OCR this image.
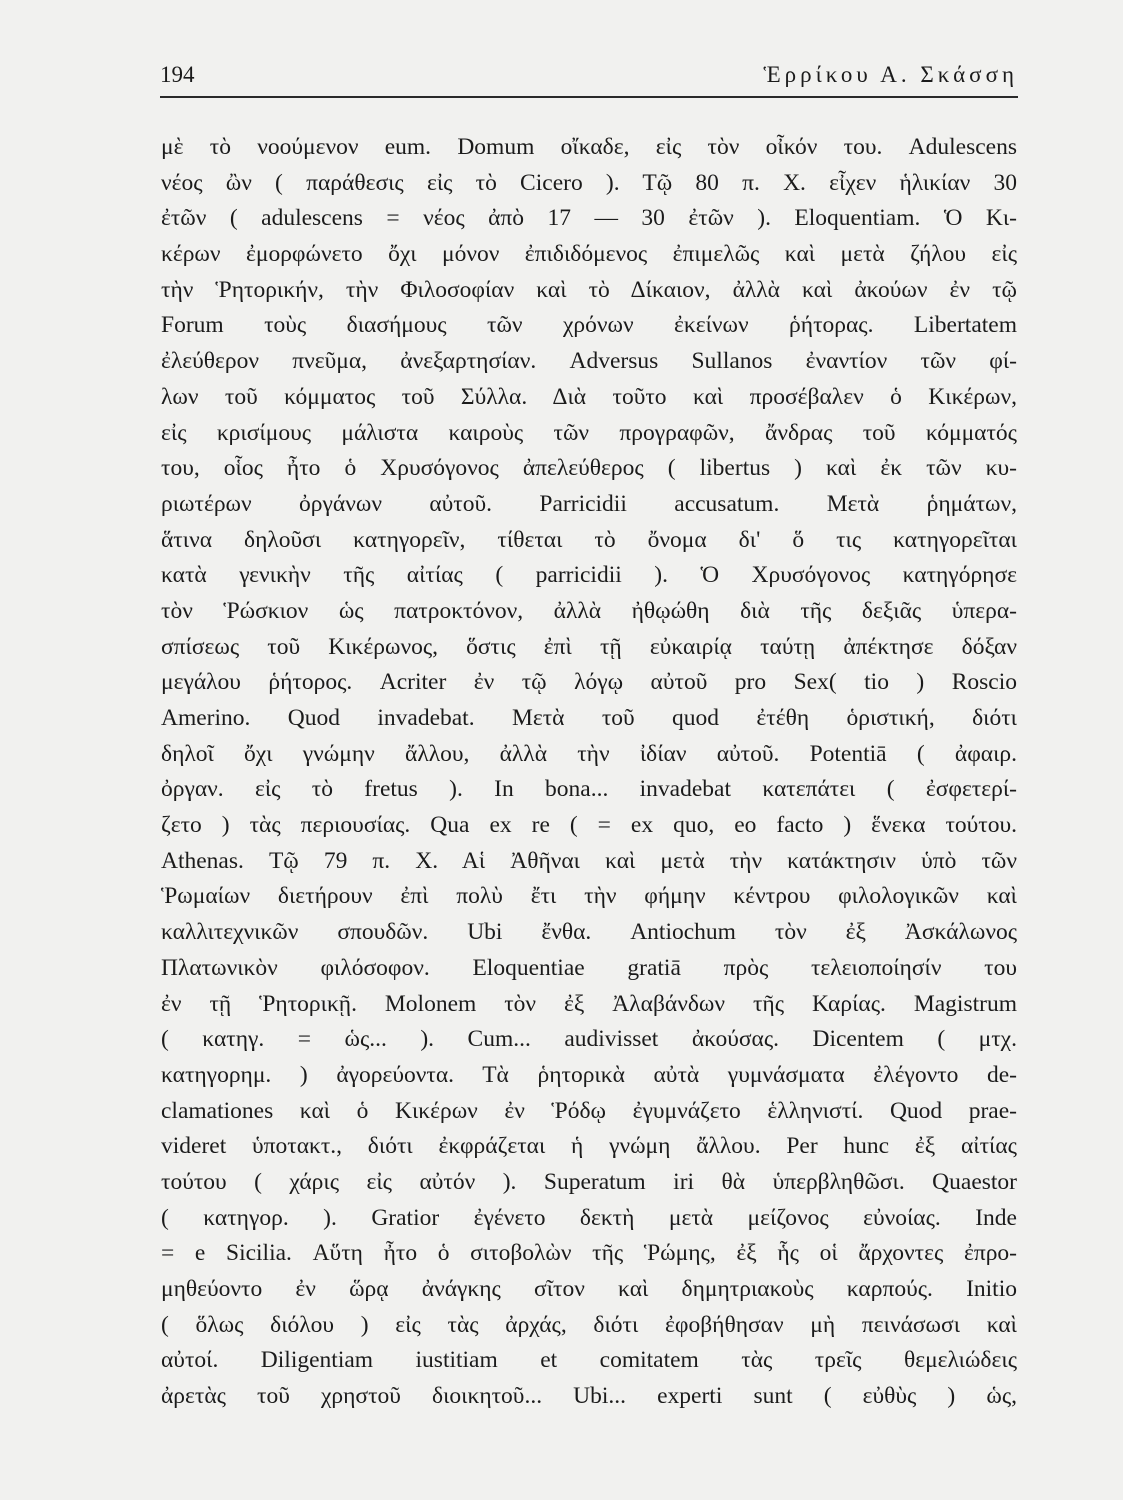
194	Ἑρρίκου Α. Σκάσση
μὲ τὸ νοούμενον eum. Domum οἴκαδε, εἰς τὸν οἶκόν του. Adulescens
νέος ὢν ( παράθεσις εἰς τὸ Cicero ). Τῷ 80 π. Χ. εἶχεν ἡλικίαν 30
ἐτῶν ( adulescens = νέος ἀπὸ 17 — 30 ἐτῶν ). Eloquentiam. Ὁ Κι-
κέρων ἐμορφώνετο ὄχι μόνον ἐπιδιδόμενος ἐπιμελῶς καὶ μετὰ ζήλου εἰς
τὴν Ῥητορικήν, τὴν Φιλοσοφίαν καὶ τὸ Δίκαιον, ἀλλὰ καὶ ἀκούων ἐν τῷ
Forum τοὺς διασήμους τῶν χρόνων ἐκείνων ῥήτορας. Libertatem
ἐλεύθερον πνεῦμα, ἀνεξαρτησίαν. Adversus Sullanos ἐναντίον τῶν φί-
λων τοῦ κόμματος τοῦ Σύλλα. Διὰ τοῦτο καὶ προσέβαλεν ὁ Κικέρων,
εἰς κρισίμους μάλιστα καιροὺς τῶν προγραφῶν, ἄνδρας τοῦ κόμματός
του, οἷος ἦτο ὁ Χρυσόγονος ἀπελεύθερος ( libertus ) καὶ ἐκ τῶν κυ-
ριωτέρων ὀργάνων αὐτοῦ. Parricidii accusatum. Μετὰ ῥημάτων,
ἅτινα δηλοῦσι κατηγορεῖν, τίθεται τὸ ὄνομα δι' ὅ τις κατηγορεῖται
κατὰ γενικὴν τῆς αἰτίας ( parricidii ). Ὁ Χρυσόγονος κατηγόρησε
τὸν Ῥώσκιον ὡς πατροκτόνον, ἀλλὰ ἠθῳώθη διὰ τῆς δεξιᾶς ὑπερα-
σπίσεως τοῦ Κικέρωνος, ὅστις ἐπὶ τῇ εὐκαιρίᾳ ταύτῃ ἀπέκτησε δόξαν
μεγάλου ῥήτορος. Acriter ἐν τῷ λόγῳ αὐτοῦ pro Sex( tio ) Roscio
Amerino. Quod invadebat. Μετὰ τοῦ quod ἐτέθη ὁριστική, διότι
δηλοῖ ὄχι γνώμην ἄλλου, ἀλλὰ τὴν ἰδίαν αὐτοῦ. Potentiā ( ἀφαιρ.
ὀργαν. εἰς τὸ fretus ). In bona... invadebat κατεπάτει ( ἐσφετερί-
ζετο ) τὰς περιουσίας. Qua ex re ( = ex quo, eo facto ) ἕνεκα τούτου.
Athenas. Τῷ 79 π. Χ. Αἱ Ἀθῆναι καὶ μετὰ τὴν κατάκτησιν ὑπὸ τῶν
Ῥωμαίων διετήρουν ἐπὶ πολὺ ἔτι τὴν φήμην κέντρου φιλολογικῶν καὶ
καλλιτεχνικῶν σπουδῶν. Ubi ἔνθα. Antiochum τὸν ἐξ Ἀσκάλωνος
Πλατωνικὸν φιλόσοφον. Eloquentiae gratiā πρὸς τελειοποίησίν του
ἐν τῇ Ῥητορικῇ. Molonem τὸν ἐξ Ἀλαβάνδων τῆς Καρίας. Magistrum
( κατηγ. = ὡς... ). Cum... audivisset ἀκούσας. Dicentem ( μτχ.
κατηγορημ. ) ἀγορεύοντα. Τὰ ῥητορικὰ αὐτὰ γυμνάσματα ἐλέγοντο de-
clamationes καὶ ὁ Κικέρων ἐν Ῥόδῳ ἐγυμνάζετο ἑλληνιστί. Quod prae-
videret ὑποτακτ., διότι ἐκφράζεται ἡ γνώμη ἄλλου. Per hunc ἐξ αἰτίας
τούτου ( χάρις εἰς αὐτόν ). Superatum iri θὰ ὑπερβληθῶσι. Quaestor
( κατηγορ. ). Gratior ἐγένετο δεκτὴ μετὰ μείζονος εὐνοίας. Inde
= e Sicilia. Αὕτη ἦτο ὁ σιτοβολὼν τῆς Ῥώμης, ἐξ ἧς οἱ ἄρχοντες ἐπρο-
μηθεύοντο ἐν ὥρᾳ ἀνάγκης σῖτον καὶ δημητριακοὺς καρπούς. Initio
( ὅλως διόλου ) εἰς τὰς ἀρχάς, διότι ἐφοβήθησαν μὴ πεινάσωσι καὶ
αὐτοί. Diligentiam iustitiam et comitatem τὰς τρεῖς θεμελιώδεις
ἀρετὰς τοῦ χρηστοῦ διοικητοῦ... Ubi... experti sunt ( εὐθὺς ) ὡς,
